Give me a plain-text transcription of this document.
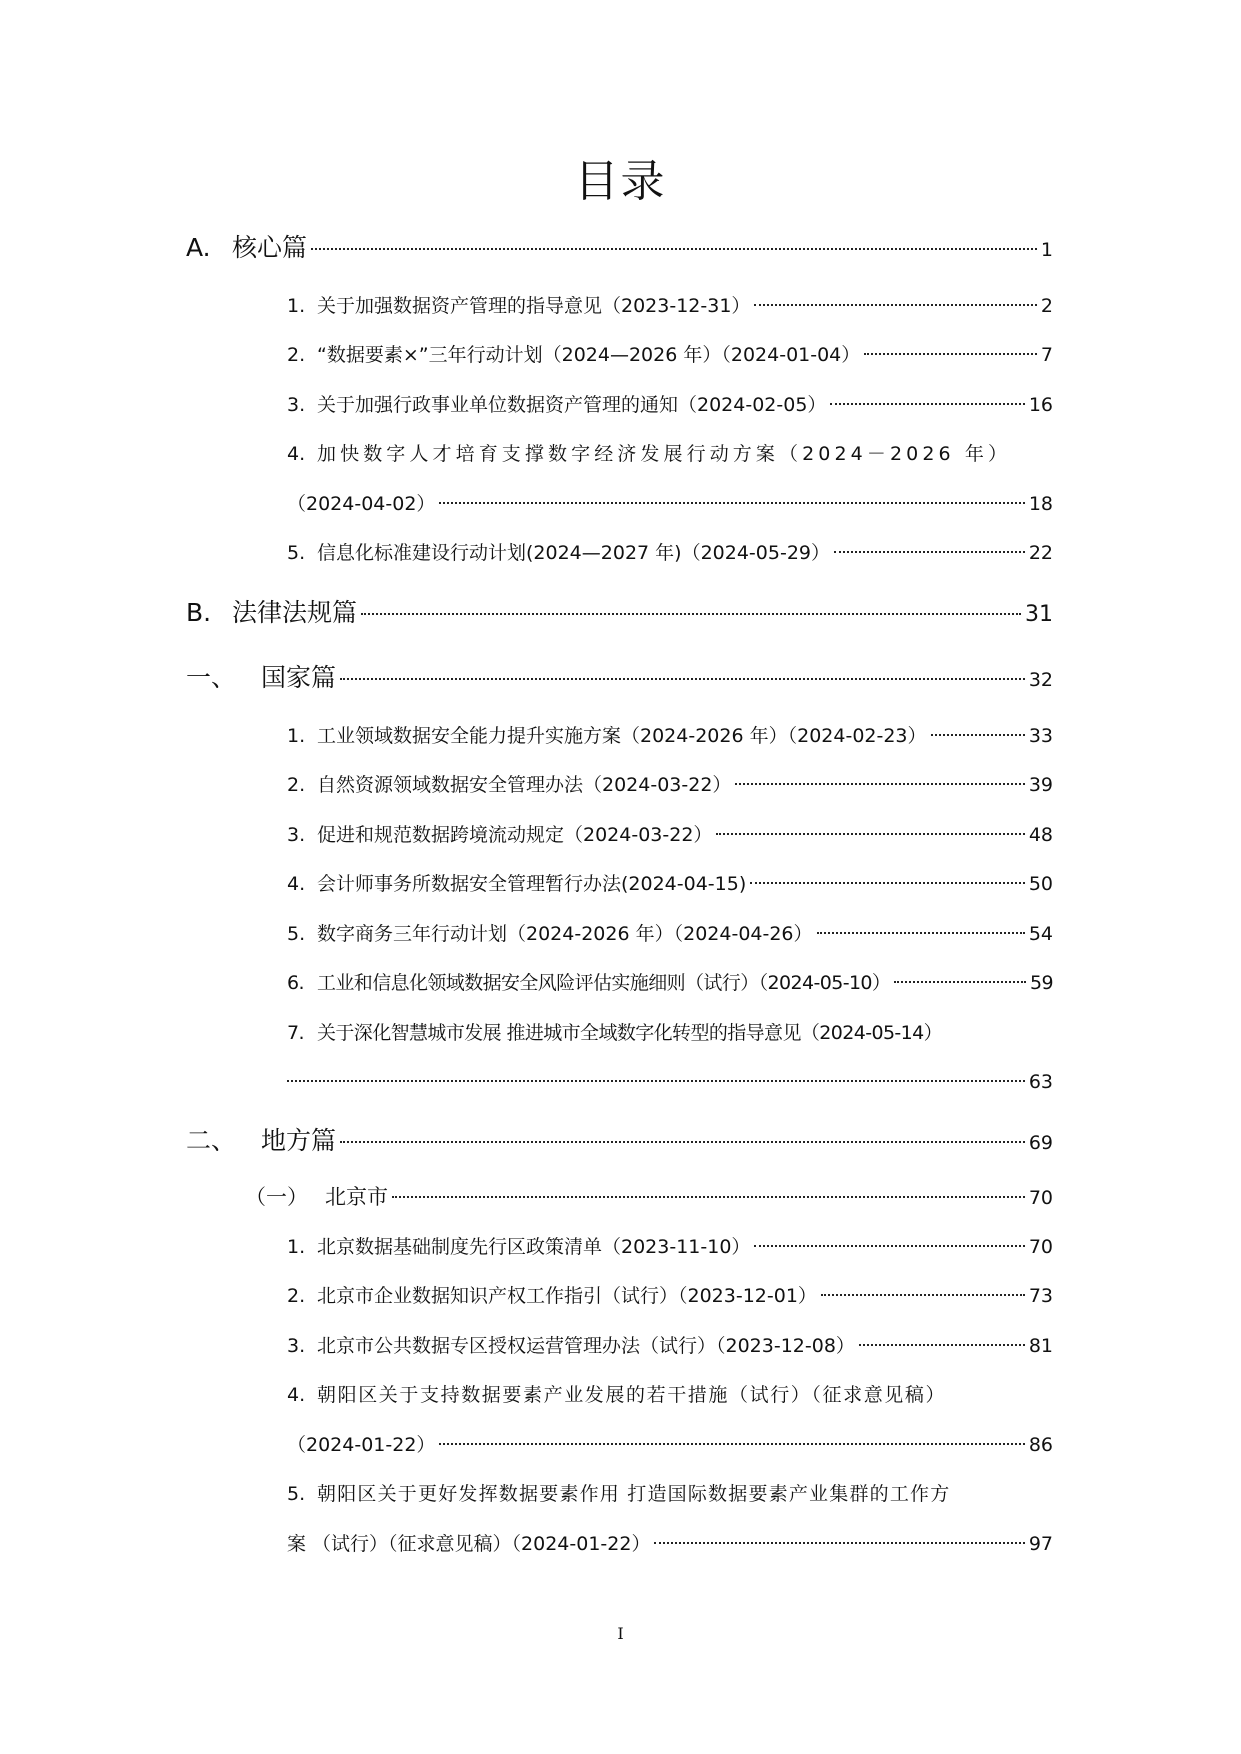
目录
A. 核心篇	1
1. 关于加强数据资产管理的指导意见（2023-12-31）	2
2. “数据要素×”三年行动计划（2024—2026 年）（2024-01-04）	7
3. 关于加强行政事业单位数据资产管理的通知（2024-02-05）	16
4. 加快数字人才培育支撑数字经济发展行动方案（2024－2026 年）
（2024-04-02）	18
5. 信息化标准建设行动计划(2024—2027 年)（2024-05-29）	22
B. 法律法规篇	31
一、 国家篇	32
1. 工业领域数据安全能力提升实施方案（2024-2026 年）（2024-02-23）	33
2. 自然资源领域数据安全管理办法（2024-03-22）	39
3. 促进和规范数据跨境流动规定（2024-03-22）	48
4. 会计师事务所数据安全管理暂行办法(2024-04-15)	50
5. 数字商务三年行动计划（2024-2026 年）（2024-04-26）	54
6. 工业和信息化领域数据安全风险评估实施细则（试行）（2024-05-10）	59
7. 关于深化智慧城市发展 推进城市全域数字化转型的指导意见（2024-05-14）
63
二、 地方篇	69
（一） 北京市	70
1. 北京数据基础制度先行区政策清单（2023-11-10）	70
2. 北京市企业数据知识产权工作指引（试行）（2023-12-01）	73
3. 北京市公共数据专区授权运营管理办法（试行）（2023-12-08）	81
4. 朝阳区关于支持数据要素产业发展的若干措施（试行）（征求意见稿）
（2024-01-22）	86
5. 朝阳区关于更好发挥数据要素作用 打造国际数据要素产业集群的工作方
案 （试行）（征求意见稿）（2024-01-22）	97
I
